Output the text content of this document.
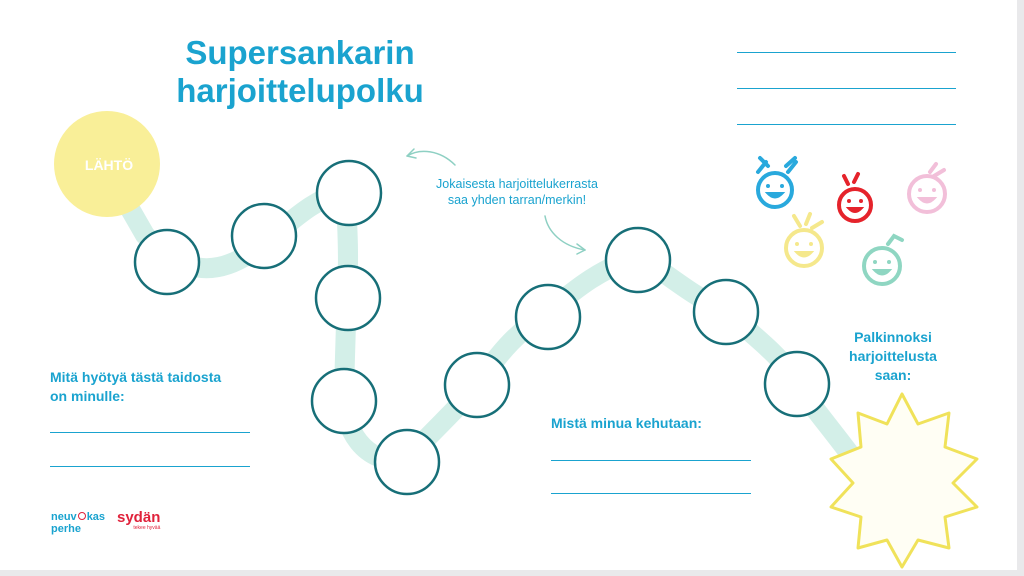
Supersankarin
harjoittelupolku
LÄHTÖ
Jokaisesta harjoittelukerrasta
saa yhden tarran/merkin!
Mitä hyötyä tästä taidosta
on minulle:
Mistä minua kehutaan:
Palkinnoksi
harjoittelusta
saan:
neuv kas
perhe
sydän
tekee hyvää
